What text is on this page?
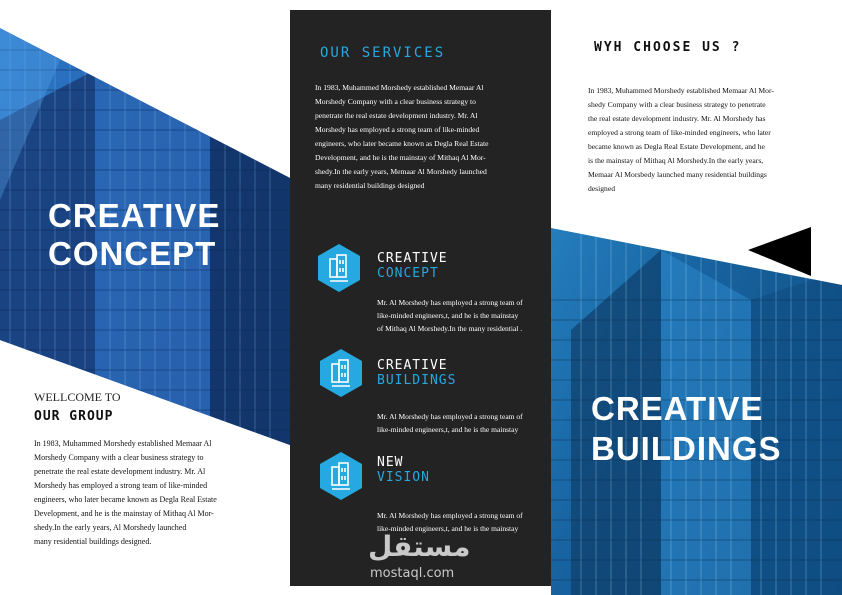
CREATIVE
CONCEPT
WELLCOME TO
OUR GROUP
In 1983, Muhammed Morshedy established Memaar Al
Morshedy Company with a clear business strategy to
penetrate the real estate development industry. Mr. Al
Morshedy has employed a strong team of like-minded
engineers, who later became known as Degla Real Estate
Development, and he is the mainstay of Mithaq Al Mor-
shedy.In the early years, Al Morshedy launched
many residential buildings designed.
OUR SERVICES
In 1983, Muhammed Morshedy established Memaar Al
Morshedy Company with a clear business strategy to
penetrate the real estate development industry. Mr. Al
Morshedy has employed a strong team of like-minded
engineers, who later became known as Degla Real Estate
Development, and he is the mainstay of Mithaq Al Mor-
shedy.In the early years, Memaar Al Morshedy launched
many residential buildings designed
CREATIVE
CONCEPT
Mr. Al Morshedy has employed a strong team of
like-minded engineers,t, and he is the mainstay
of Mithaq Al Morshedy.In the many residential .
CREATIVE
BUILDINGS
Mr. Al Morshedy has employed a strong team of
like-minded engineers,t, and he is the mainstay
NEW
VISION
Mr. Al Morshedy has employed a strong team of
like-minded engineers,t, and he is the mainstay
مستقل
mostaql.com
WYH CHOOSE US ?
In 1983, Muhammed Morshedy established Memaar Al Mor-
shedy Company with a clear business strategy to penetrate
the real estate development industry. Mr. Al Morshedy has
employed a strong team of like-minded engineers, who later
became known as Degla Real Estate Development, and he
is the mainstay of Mithaq Al Morshedy.In the early years,
Memaar Al Morsbedy launched many residential buildings
designed
CREATIVE
BUILDINGS
